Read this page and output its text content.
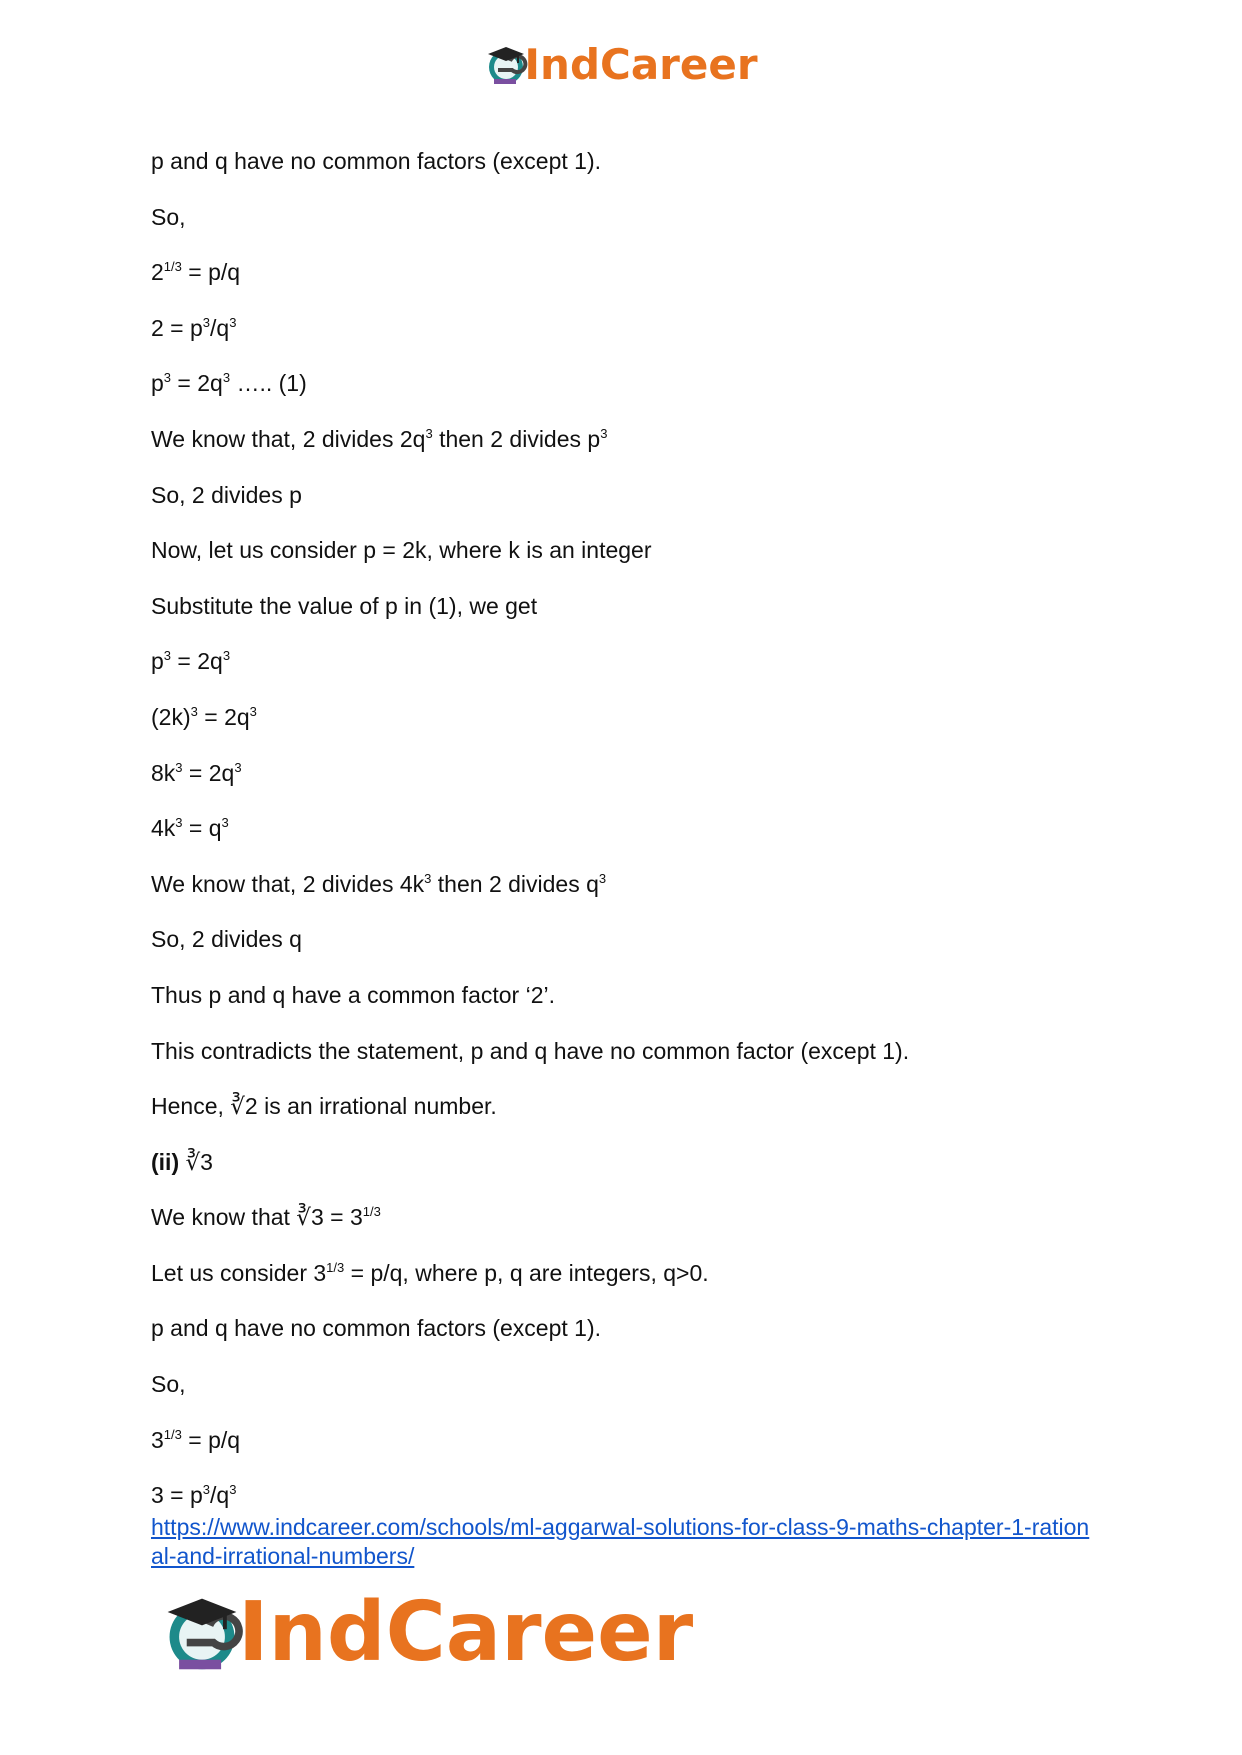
IndCareer
p and q have no common factors (except 1).
So,
$2^{1/3} = p/q$
$2 = p^3/q^3$
$p^3 = 2q^3$ ….. (1)
We know that, 2 divides $2q^3$ then 2 divides $p^3$
So, 2 divides p
Now, let us consider p = 2k, where k is an integer
Substitute the value of p in (1), we get
$p^3 = 2q^3$
$(2k)^3 = 2q^3$
$8k^3 = 2q^3$
$4k^3 = q^3$
We know that, 2 divides $4k^3$ then 2 divides $q^3$
So, 2 divides q
Thus p and q have a common factor ‘2’.
This contradicts the statement, p and q have no common factor (except 1).
Hence, ∛2 is an irrational number.
(ii) ∛3
We know that ∛3 = $3^{1/3}$
Let us consider $3^{1/3} = p/q$, where p, q are integers, q>0.
p and q have no common factors (except 1).
So,
$3^{1/3} = p/q$
$3 = p^3/q^3$
https://www.indcareer.com/schools/ml-aggarwal-solutions-for-class-9-maths-chapter-1-rational-and-irrational-numbers/
IndCareer
